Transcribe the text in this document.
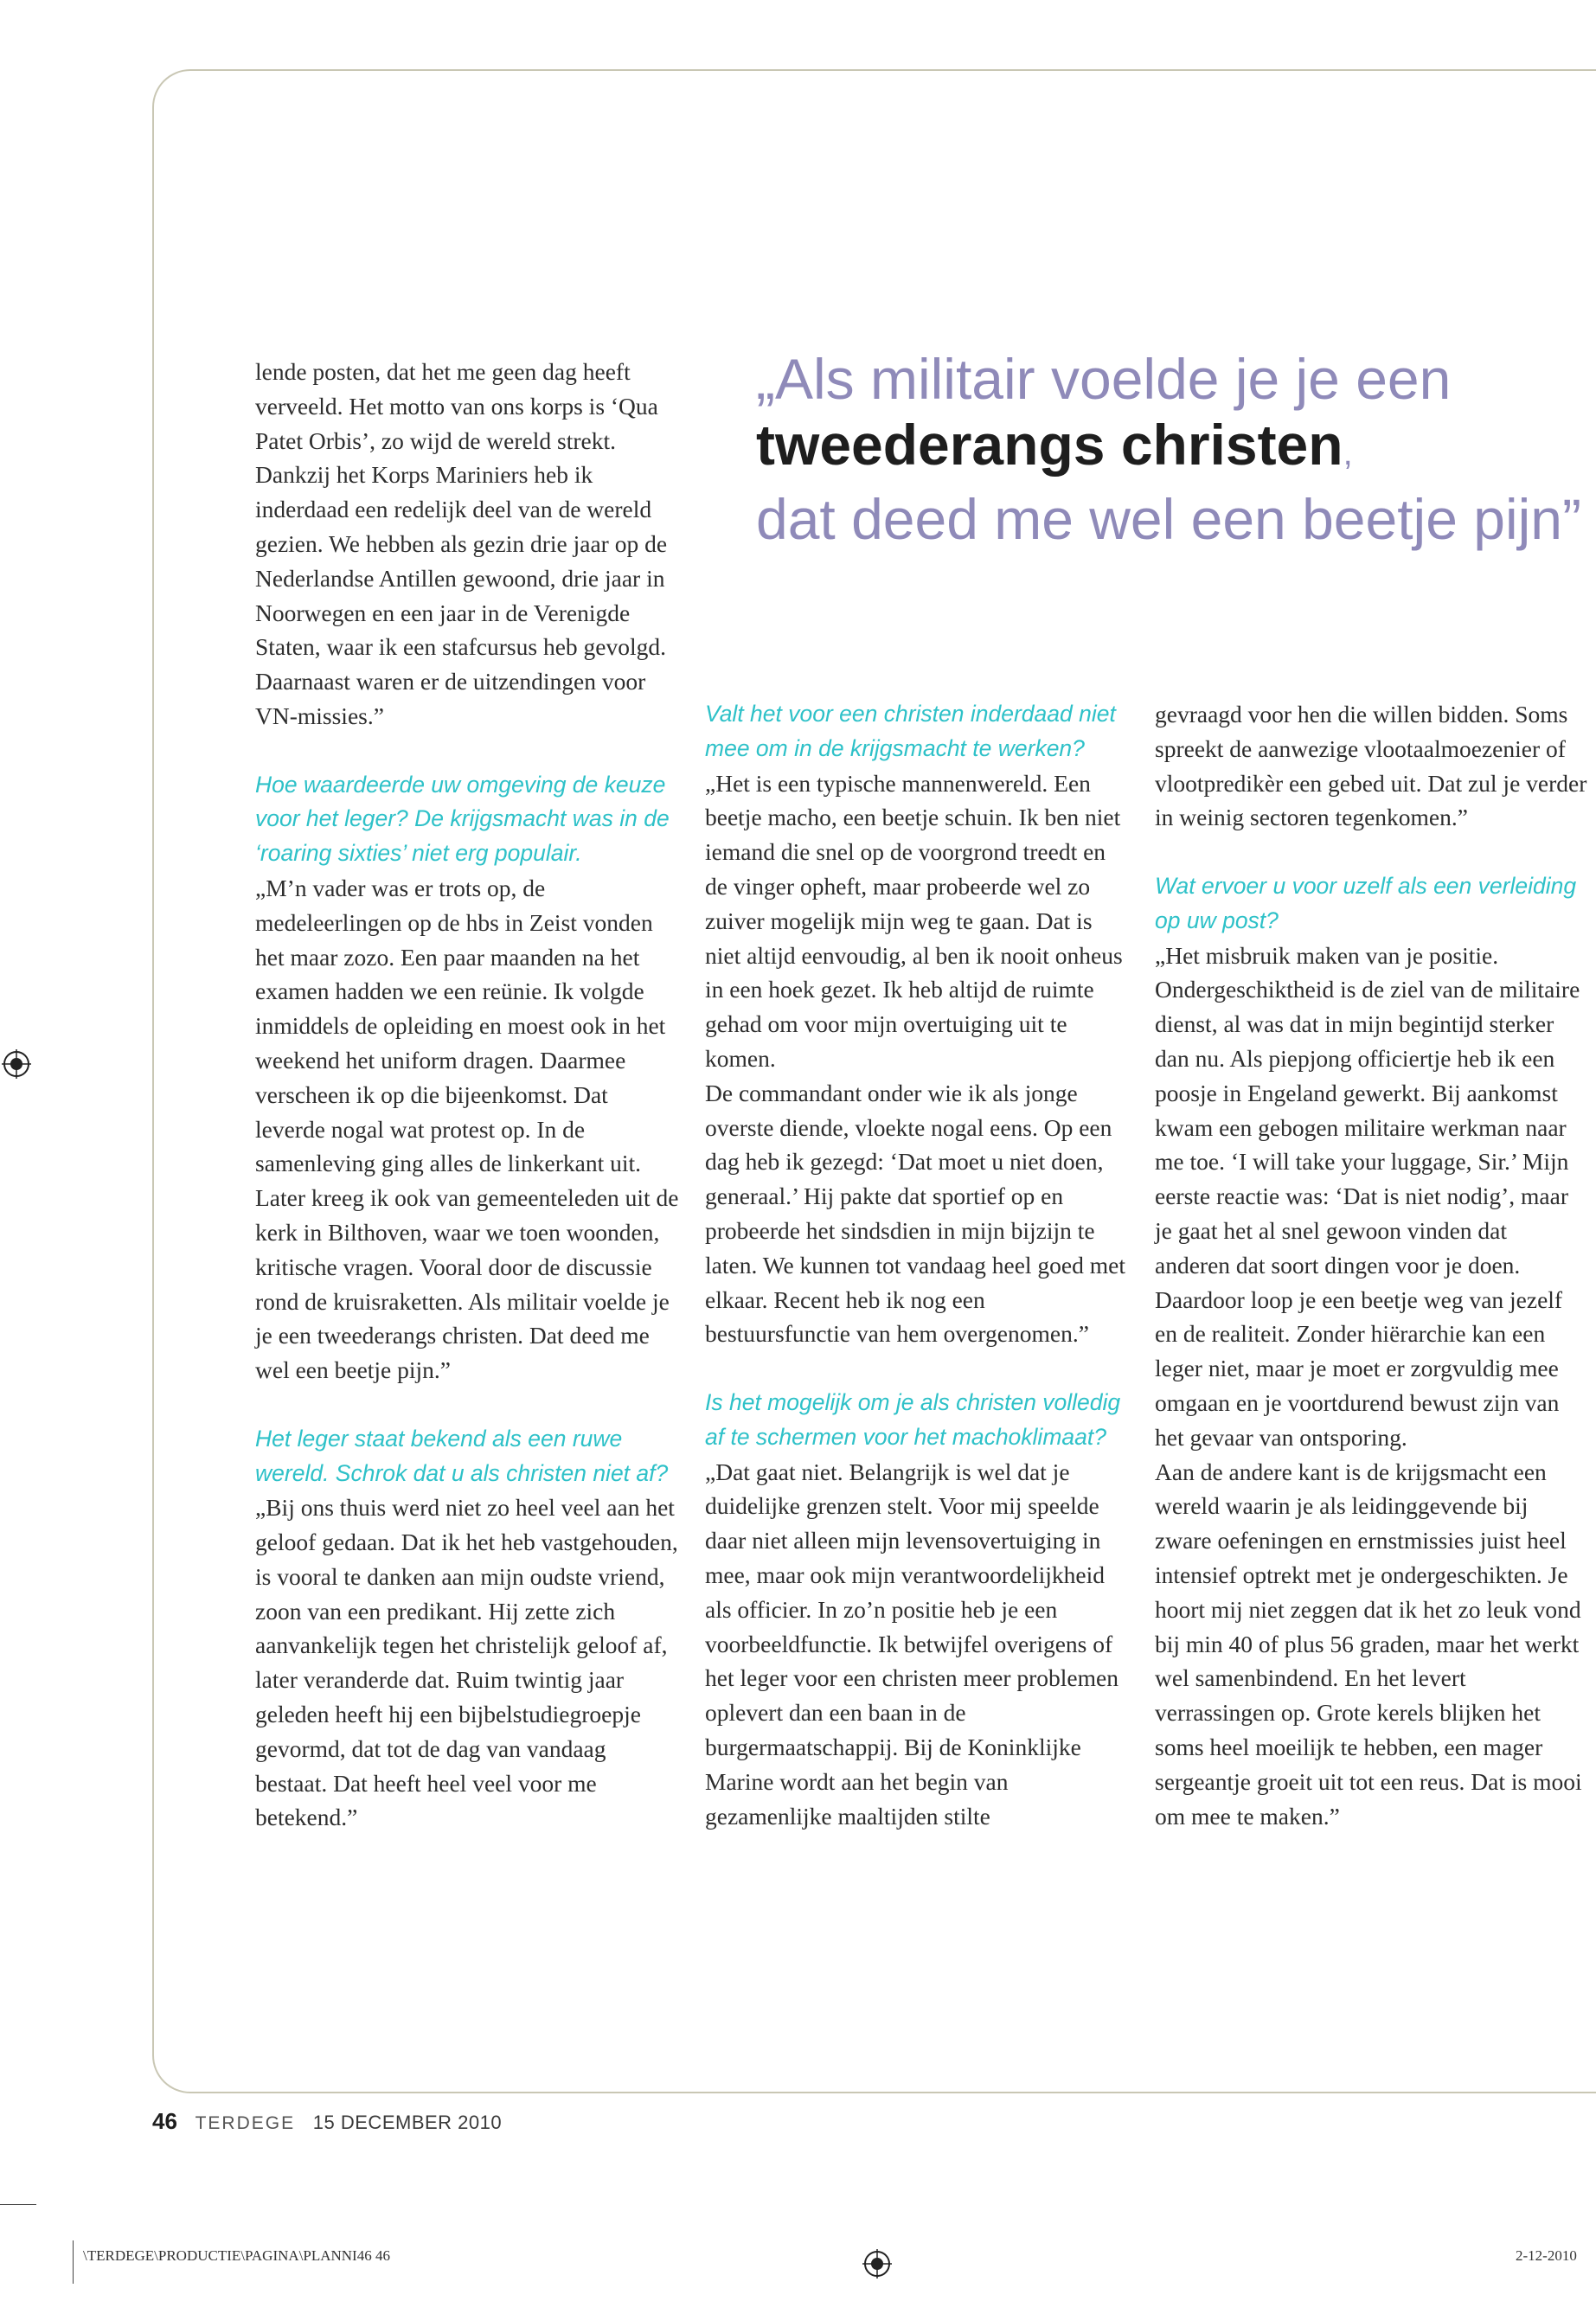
„Als militair voelde je je een
tweederangs christen,
dat deed me wel een beetje pijn”

lende posten, dat het me geen dag heeft verveeld. Het motto van ons korps is ‘Qua Patet Orbis’, zo wijd de wereld strekt. Dankzij het Korps Mariniers heb ik inderdaad een redelijk deel van de wereld gezien. We hebben als gezin drie jaar op de Nederlandse Antillen gewoond, drie jaar in Noorwegen en een jaar in de Verenigde Staten, waar ik een stafcursus heb gevolgd. Daarnaast waren er de uitzendingen voor VN-missies.”

Hoe waardeerde uw omgeving de keuze voor het leger? De krijgsmacht was in de ‘roaring sixties’ niet erg populair.

„M’n vader was er trots op, de medeleerlingen op de hbs in Zeist vonden het maar zozo. Een paar maanden na het examen hadden we een reünie. Ik volgde inmiddels de opleiding en moest ook in het weekend het uniform dragen. Daarmee verscheen ik op die bijeenkomst. Dat leverde nogal wat protest op. In de samenleving ging alles de linkerkant uit. Later kreeg ik ook van gemeenteleden uit de kerk in Bilthoven, waar we toen woonden, kritische vragen. Vooral door de discussie rond de kruisraketten. Als militair voelde je je een tweederangs christen. Dat deed me wel een beetje pijn.”

Het leger staat bekend als een ruwe wereld. Schrok dat u als christen niet af?

„Bij ons thuis werd niet zo heel veel aan het geloof gedaan. Dat ik het heb vastgehouden, is vooral te danken aan mijn oudste vriend, zoon van een predikant. Hij zette zich aanvankelijk tegen het christelijk geloof af, later veranderde dat. Ruim twintig jaar geleden heeft hij een bijbelstudiegroepje gevormd, dat tot de dag van vandaag bestaat. Dat heeft heel veel voor me betekend.”

Valt het voor een christen inderdaad niet mee om in de krijgsmacht te werken?

„Het is een typische mannenwereld. Een beetje macho, een beetje schuin. Ik ben niet iemand die snel op de voorgrond treedt en de vinger opheft, maar probeerde wel zo zuiver mogelijk mijn weg te gaan. Dat is niet altijd eenvoudig, al ben ik nooit onheus in een hoek gezet. Ik heb altijd de ruimte gehad om voor mijn overtuiging uit te komen.

De commandant onder wie ik als jonge overste diende, vloekte nogal eens. Op een dag heb ik gezegd: ‘Dat moet u niet doen, generaal.’ Hij pakte dat sportief op en probeerde het sindsdien in mijn bijzijn te laten. We kunnen tot vandaag heel goed met elkaar. Recent heb ik nog een bestuursfunctie van hem overgenomen.”

Is het mogelijk om je als christen volledig af te schermen voor het machoklimaat?

„Dat gaat niet. Belangrijk is wel dat je duidelijke grenzen stelt. Voor mij speelde daar niet alleen mijn levensovertuiging in mee, maar ook mijn verantwoordelijkheid als officier. In zo’n positie heb je een voorbeeldfunctie. Ik betwijfel overigens of het leger voor een christen meer problemen oplevert dan een baan in de burgermaatschappij. Bij de Koninklijke Marine wordt aan het begin van gezamenlijke maaltijden stilte

gevraagd voor hen die willen bidden. Soms spreekt de aanwezige vlootaalmoezenier of vlootpredikèr een gebed uit. Dat zul je verder in weinig sectoren tegenkomen.”

Wat ervoer u voor uzelf als een verleiding op uw post?

„Het misbruik maken van je positie. Ondergeschiktheid is de ziel van de militaire dienst, al was dat in mijn begintijd sterker dan nu. Als piepjong officiertje heb ik een poosje in Engeland gewerkt. Bij aankomst kwam een gebogen militaire werkman naar me toe. ‘I will take your luggage, Sir.’ Mijn eerste reactie was: ‘Dat is niet nodig’, maar je gaat het al snel gewoon vinden dat anderen dat soort dingen voor je doen. Daardoor loop je een beetje weg van jezelf en de realiteit. Zonder hiërarchie kan een leger niet, maar je moet er zorgvuldig mee omgaan en je voortdurend bewust zijn van het gevaar van ontsporing.

Aan de andere kant is de krijgsmacht een wereld waarin je als leidinggevende bij zware oefeningen en ernstmissies juist heel intensief optrekt met je ondergeschikten. Je hoort mij niet zeggen dat ik het zo leuk vond bij min 40 of plus 56 graden, maar het werkt wel samenbindend. En het levert verrassingen op. Grote kerels blijken het soms heel moeilijk te hebben, een mager sergeantje groeit uit tot een reus. Dat is mooi om mee te maken.”

46 TERDEGE 15 DECEMBER 2010
\TERDEGE\PRODUCTIE\PAGINA\PLANNI46 46	2-12-2010
